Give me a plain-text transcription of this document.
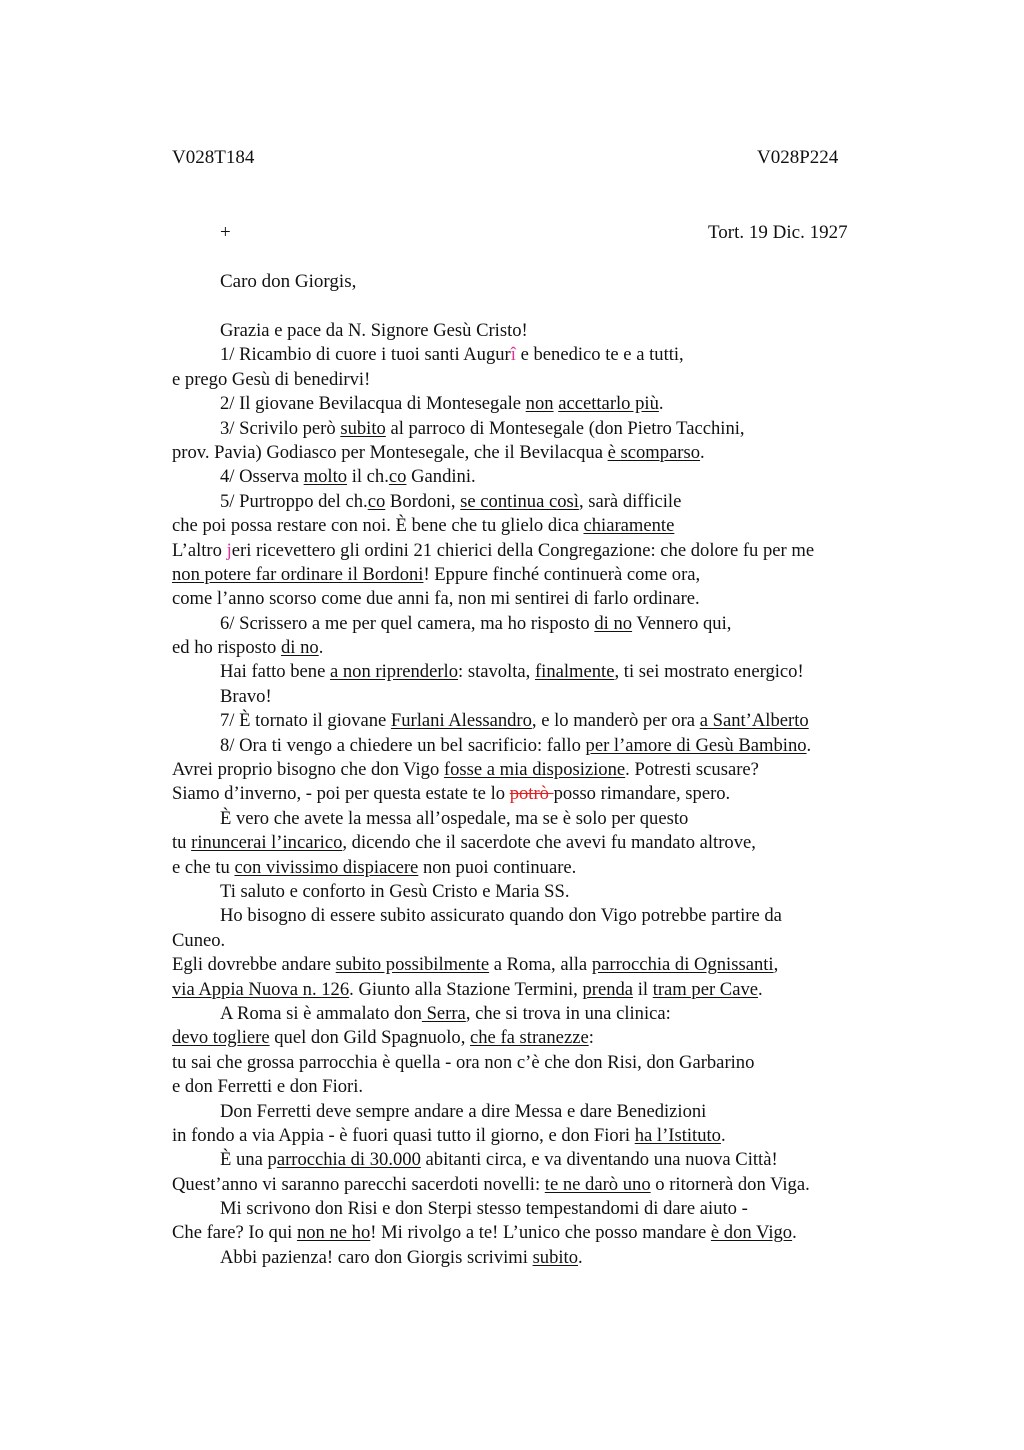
V028T184	V028P224
+	Tort. 19 Dic. 1927
Caro don Giorgis,
Grazia e pace da N. Signore Gesù Cristo!
1/ Ricambio di cuore i tuoi santi Augurî e benedico te e a tutti,
e prego Gesù di benedirvi!
2/ Il giovane Bevilacqua di Montesegale non accettarlo più.
3/ Scrivilo però subito al parroco di Montesegale (don Pietro Tacchini,
prov. Pavia) Godiasco per Montesegale, che il Bevilacqua è scomparso.
4/ Osserva molto il ch.co Gandini.
5/ Purtroppo del ch.co Bordoni, se continua così, sarà difficile
che poi possa restare con noi. È bene che tu glielo dica chiaramente
L’altro jeri ricevettero gli ordini 21 chierici della Congregazione: che dolore fu per me
non potere far ordinare il Bordoni! Eppure finché continuerà come ora,
come l’anno scorso come due anni fa, non mi sentirei di farlo ordinare.
6/ Scrissero a me per quel camera, ma ho risposto di no Vennero qui,
ed ho risposto di no.
Hai fatto bene a non riprenderlo: stavolta, finalmente, ti sei mostrato energico!
Bravo!
7/ È tornato il giovane Furlani Alessandro, e lo manderò per ora a Sant’Alberto
8/ Ora ti vengo a chiedere un bel sacrificio: fallo per l’amore di Gesù Bambino.
Avrei proprio bisogno che don Vigo fosse a mia disposizione. Potresti scusare?
Siamo d’inverno, - poi per questa estate te lo potrò posso rimandare, spero.
È vero che avete la messa all’ospedale, ma se è solo per questo
tu rinuncerai l’incarico, dicendo che il sacerdote che avevi fu mandato altrove,
e che tu con vivissimo dispiacere non puoi continuare.
Ti saluto e conforto in Gesù Cristo e Maria SS.
Ho bisogno di essere subito assicurato quando don Vigo potrebbe partire da
Cuneo.
Egli dovrebbe andare subito possibilmente a Roma, alla parrocchia di Ognissanti,
via Appia Nuova n. 126. Giunto alla Stazione Termini, prenda il tram per Cave.
A Roma si è ammalato don Serra, che si trova in una clinica:
devo togliere quel don Gild Spagnuolo, che fa stranezze:
tu sai che grossa parrocchia è quella - ora non c’è che don Risi, don Garbarino
e don Ferretti e don Fiori.
Don Ferretti deve sempre andare a dire Messa e dare Benedizioni
in fondo a via Appia - è fuori quasi tutto il giorno, e don Fiori ha l’Istituto.
È una parrocchia di 30.000 abitanti circa, e va diventando una nuova Città!
Quest’anno vi saranno parecchi sacerdoti novelli: te ne darò uno o ritornerà don Viga.
Mi scrivono don Risi e don Sterpi stesso tempestandomi di dare aiuto -
Che fare? Io qui non ne ho! Mi rivolgo a te! L’unico che posso mandare è don Vigo.
Abbi pazienza! caro don Giorgis scrivimi subito.
